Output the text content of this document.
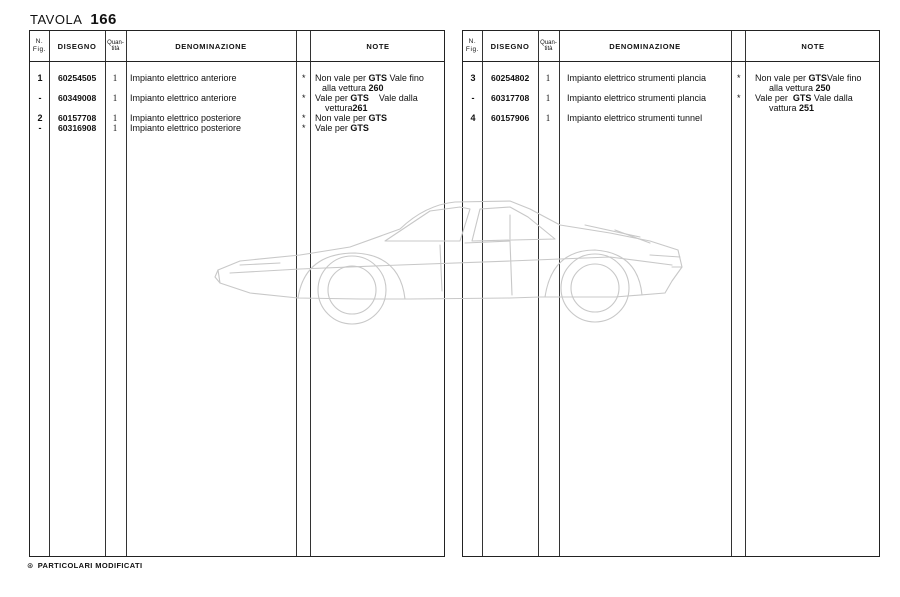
TAVOLA 166
N.
Fig.	DISEGNO	Quan-
tità	DENOMINAZIONE	NOTE
1	60254505	1	Impianto elettrico anteriore	* Non vale per GTS Vale fino
alla vettura 260
-	60349008	1	Impianto elettrico anteriore	* Vale per GTS    Vale dalla
vettura261
2	60157708	1	Impianto elettrico posteriore	* Non vale per GTS
-	60316908	1	Impianto elettrico posteriore	* Vale per GTS
N.
Fig.	DISEGNO	Quan-
tità	DENOMINAZIONE	NOTE
3	60254802	1	Impianto elettrico strumenti plancia	* Non vale per GTSVale fino
alla vettura 250
-	60317708	1	Impianto elettrico strumenti plancia	* Vale per  GTS Vale dalla
vattura 251
4	60157906	1	Impianto elettrico strumenti tunnel
⊛ PARTICOLARI MODIFICATI
